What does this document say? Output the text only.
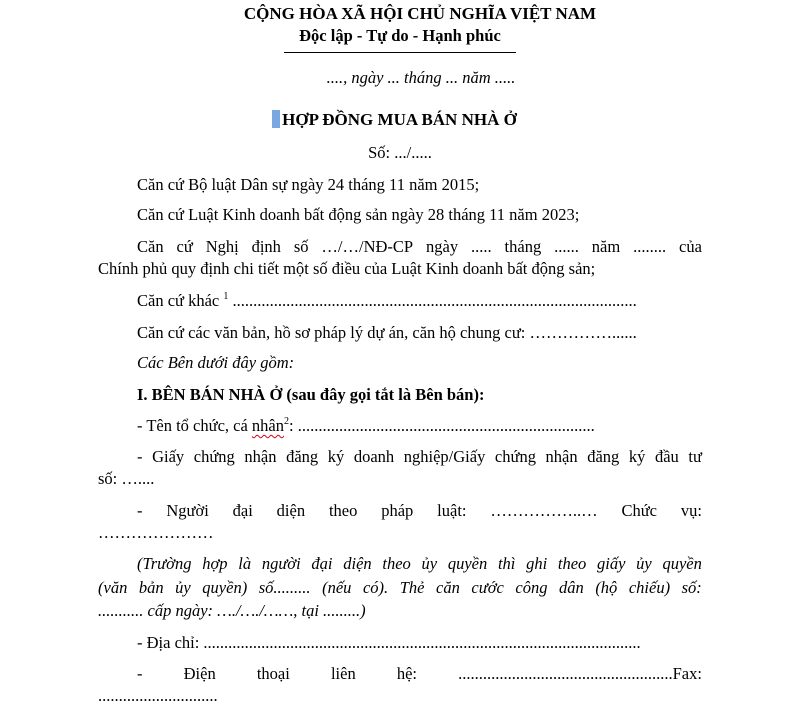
CỘNG HÒA XÃ HỘI CHỦ NGHĨA VIỆT NAM
Độc lập - Tự do - Hạnh phúc
...., ngày ... tháng ... năm .....
HỢP ĐỒNG MUA BÁN NHÀ Ở
Số: .../.....
Căn cứ Bộ luật Dân sự ngày 24 tháng 11 năm 2015;
Căn cứ Luật Kinh doanh bất động sản ngày 28 tháng 11 năm 2023;
Căn cứ Nghị định số …/…/NĐ-CP ngày ..... tháng ...... năm ........ của
Chính phủ quy định chi tiết một số điều của Luật Kinh doanh bất động sản;
Căn cứ khác $^1$ ..................................................................................................
Căn cứ các văn bản, hồ sơ pháp lý dự án, căn hộ chung cư: ……………......
Các Bên dưới đây gồm:
I. BÊN BÁN NHÀ Ở (sau đây gọi tắt là Bên bán):
- Tên tổ chức, cá nhân$^2$: ........................................................................
- Giấy chứng nhận đăng ký doanh nghiệp/Giấy chứng nhận đăng ký đầu tư
số: …....
- Người đại diện theo pháp luật: ……………..… Chức vụ:
…………………
(Trường hợp là người đại diện theo ủy quyền thì ghi theo giấy ủy quyền
(văn bản ủy quyền) số......... (nếu có). Thẻ căn cước công dân (hộ chiếu) số:
........... cấp ngày: …./…./……, tại .........)
- Địa chỉ: ..........................................................................................................
- Điện thoại liên hệ: ....................................................Fax:
.............................
